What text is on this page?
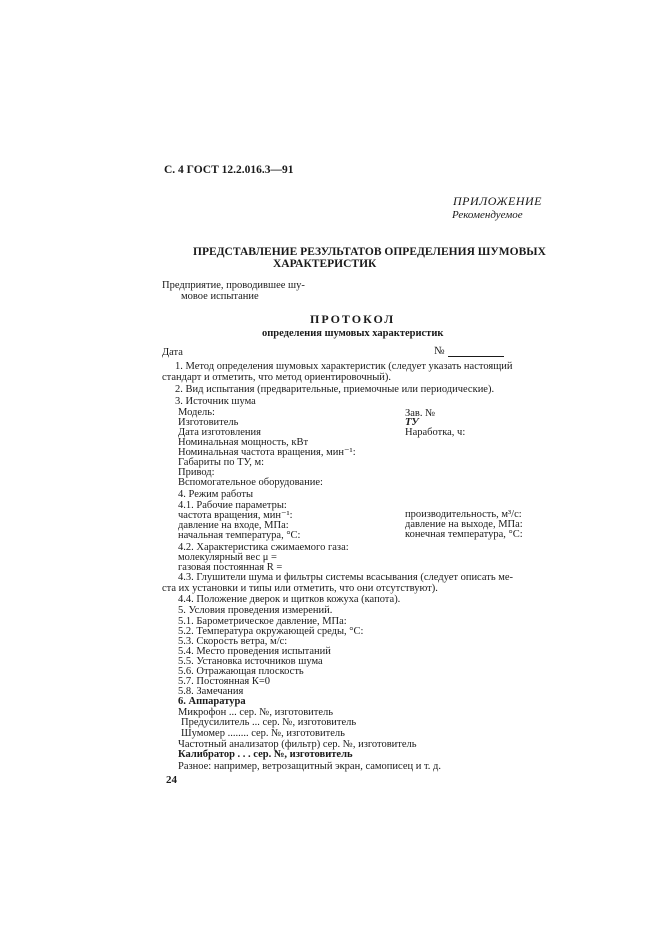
С. 4 ГОСТ 12.2.016.3—91
ПРИЛОЖЕНИЕ
Рекомендуемое
ПРЕДСТАВЛЕНИЕ РЕЗУЛЬТАТОВ ОПРЕДЕЛЕНИЯ ШУМОВЫХ
ХАРАКТЕРИСТИК
Предприятие, проводившее шу-
мовое испытание
ПРОТОКОЛ
определения шумовых характеристик
Дата	№
1. Метод определения шумовых характеристик (следует указать настоящий
стандарт и отметить, что метод ориентировочный).
2. Вид испытания (предварительные, приемочные или периодические).
3. Источник шума
Модель:	Зав. №
Изготовитель	ТУ
Дата изготовления	Наработка, ч:
Номинальная мощность, кВт
Номинальная частота вращения, мин⁻¹:
Габариты по ТУ, м:
Привод:
Вспомогательное оборудование:
4. Режим работы
4.1. Рабочие параметры:
частота вращения, мин⁻¹:	производительность, м³/с:
давление на входе, МПа:	давление на выходе, МПа:
начальная температура, °С:	конечная температура, °С:
4.2. Характеристика сжимаемого газа:
молекулярный вес μ =
газовая постоянная R =
4.3. Глушители шума и фильтры системы всасывания (следует описать ме-
ста их установки и типы или отметить, что они отсутствуют).
4.4. Положение дверок и щитков кожуха (капота).
5. Условия проведения измерений.
5.1. Барометрическое давление, МПа:
5.2. Температура окружающей среды, °С:
5.3. Скорость ветра, м/с:
5.4. Место проведения испытаний
5.5. Установка источников шума
5.6. Отражающая плоскость
5.7. Постоянная К=0
5.8. Замечания
6. Аппаратура
Микрофон ... сер. №, изготовитель
Предусилитель ... сер. №, изготовитель
Шумомер ........ сер. №, изготовитель
Частотный анализатор (фильтр) сер. №, изготовитель
Калибратор . . . сер. №, изготовитель
Разное: например, ветрозащитный экран, самописец и т. д.
24
